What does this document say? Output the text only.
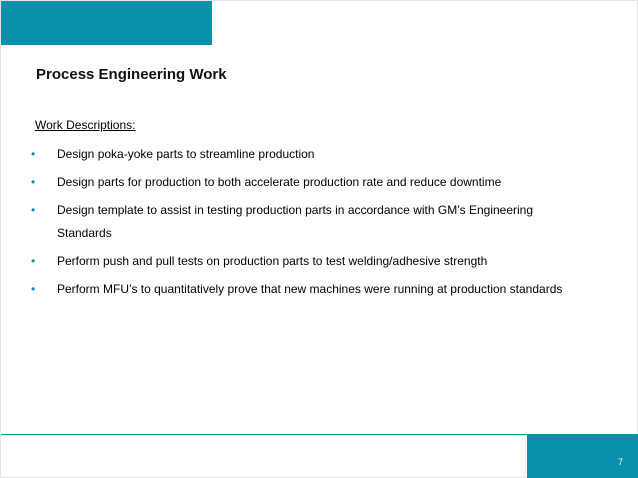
Process Engineering Work
Work Descriptions:
• Design poka-yoke parts to streamline production
• Design parts for production to both accelerate production rate and reduce downtime
• Design template to assist in testing production parts in accordance with GM’s Engineering Standards
• Perform push and pull tests on production parts to test welding/adhesive strength
• Perform MFU’s to quantitatively prove that new machines were running at production standards
7
